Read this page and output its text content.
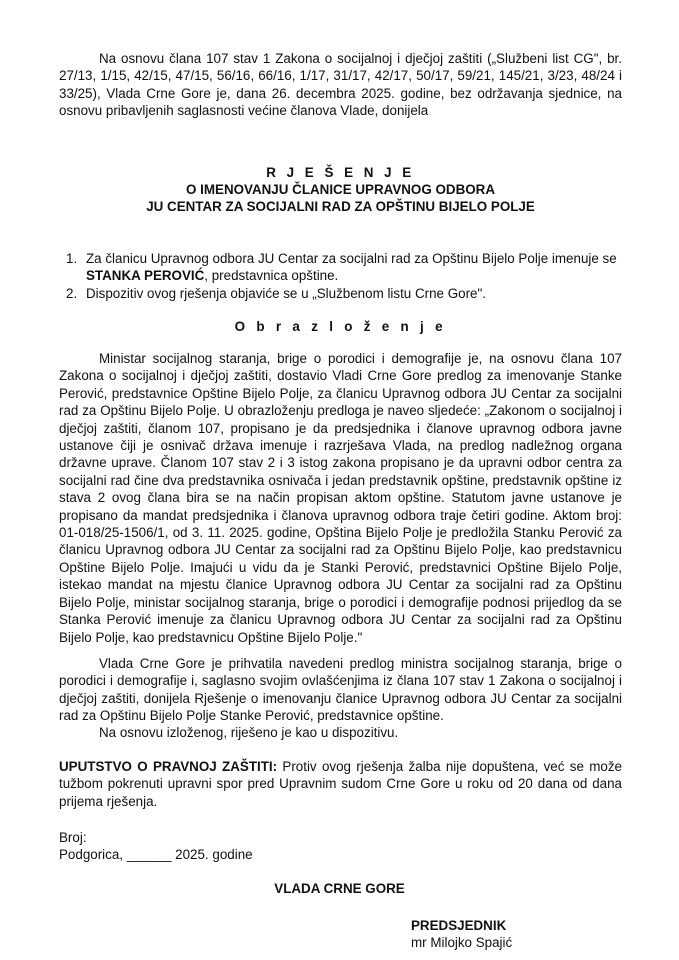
Na osnovu člana 107 stav 1 Zakona o socijalnoj i dječjoj zaštiti („Službeni list CG", br. 27/13, 1/15, 42/15, 47/15, 56/16, 66/16, 1/17, 31/17, 42/17, 50/17, 59/21, 145/21, 3/23, 48/24 i 33/25), Vlada Crne Gore je, dana 26. decembra 2025. godine, bez održavanja sjednice, na osnovu pribavljenih saglasnosti većine članova Vlade, donijela

R J E Š E N J E
O IMENOVANJU ČLANICE UPRAVNOG ODBORA
JU CENTAR ZA SOCIJALNI RAD ZA OPŠTINU BIJELO POLJE
1. Za članicu Upravnog odbora JU Centar za socijalni rad za Opštinu Bijelo Polje imenuje se STANKA PEROVIĆ, predstavnica opštine.
2. Dispozitiv ovog rješenja objaviće se u „Službenom listu Crne Gore".
O b r a z l o ž e n j e

Ministar socijalnog staranja, brige o porodici i demografije je, na osnovu člana 107 Zakona o socijalnoj i dječjoj zaštiti, dostavio Vladi Crne Gore predlog za imenovanje Stanke Perović, predstavnice Opštine Bijelo Polje, za članicu Upravnog odbora JU Centar za socijalni rad za Opštinu Bijelo Polje. U obrazloženju predloga je naveo sljedeće: „Zakonom o socijalnoj i dječjoj zaštiti, članom 107, propisano je da predsjednika i članove upravnog odbora javne ustanove čiji je osnivač država imenuje i razrješava Vlada, na predlog nadležnog organa državne uprave. Članom 107 stav 2 i 3 istog zakona propisano je da upravni odbor centra za socijalni rad čine dva predstavnika osnivača i jedan predstavnik opštine, predstavnik opštine iz stava 2 ovog člana bira se na način propisan aktom opštine. Statutom javne ustanove je propisano da mandat predsjednika i članova upravnog odbora traje četiri godine. Aktom broj: 01-018/25-1506/1, od 3. 11. 2025. godine, Opština Bijelo Polje je predložila Stanku Perović za članicu Upravnog odbora JU Centar za socijalni rad za Opštinu Bijelo Polje, kao predstavnicu Opštine Bijelo Polje. Imajući u vidu da je Stanki Perović, predstavnici Opštine Bijelo Polje, istekao mandat na mjestu članice Upravnog odbora JU Centar za socijalni rad za Opštinu Bijelo Polje, ministar socijalnog staranja, brige o porodici i demografije podnosi prijedlog da se Stanka Perović imenuje za članicu Upravnog odbora JU Centar za socijalni rad za Opštinu Bijelo Polje, kao predstavnicu Opštine Bijelo Polje."

Vlada Crne Gore je prihvatila navedeni predlog ministra socijalnog staranja, brige o porodici i demografije i, saglasno svojim ovlašćenjima iz člana 107 stav 1 Zakona o socijalnoj i dječjoj zaštiti, donijela Rješenje o imenovanju članice Upravnog odbora JU Centar za socijalni rad za Opštinu Bijelo Polje Stanke Perović, predstavnice opštine.

Na osnovu izloženog, riješeno je kao u dispozitivu.

UPUTSTVO O PRAVNOJ ZAŠTITI: Protiv ovog rješenja žalba nije dopuštena, već se može tužbom pokrenuti upravni spor pred Upravnim sudom Crne Gore u roku od 20 dana od dana prijema rješenja.

Broj:
Podgorica, ______ 2025. godine
VLADA CRNE GORE
PREDSJEDNIK
mr Milojko Spajić
